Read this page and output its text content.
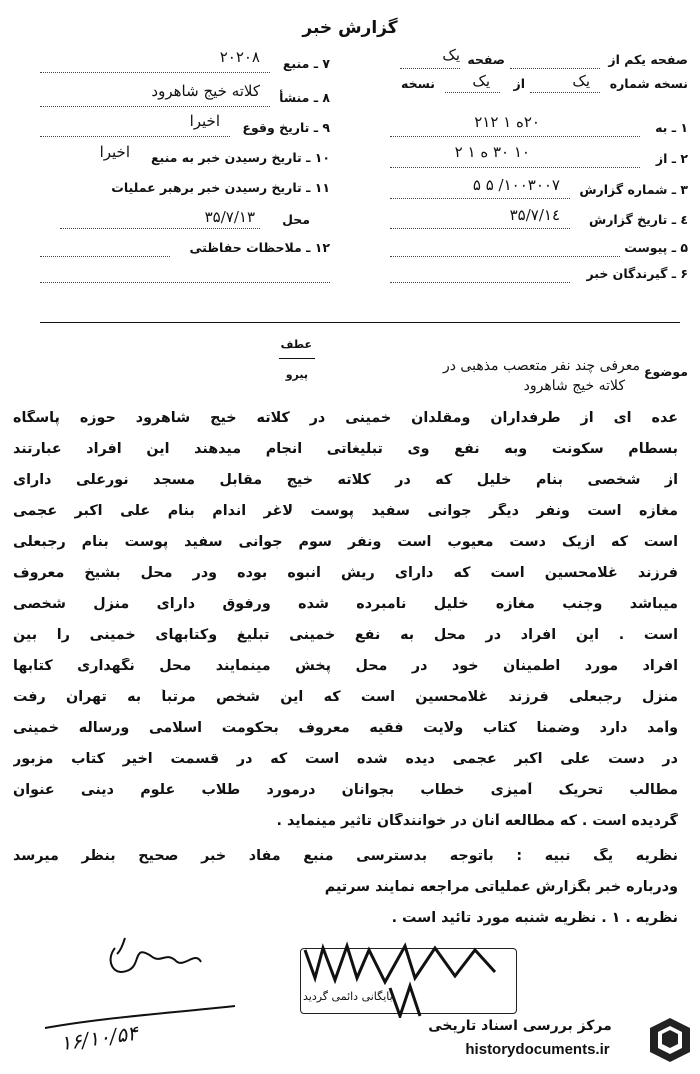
گزارش خبر
صفحه یکم از
صفحه
یک
نسخه شماره
یک
از
یک
نسخه
۱ ـ به
۲۰ه ۱ ۲۱۲
۲ ـ از
۱۰ ۳۰ ه ۱ ۲
۳ ـ شماره گزارش
۱۰۰۳۰۰۷/ ۵ ۵
٤ ـ تاریخ گزارش
۳۵/۷/۱٤
۵ ـ پیوست
۶ ـ گیرندگان خبر
۷ ـ منبع
۲۰۲۰۸
۸ ـ منشأ
کلاته خیج شاهرود
۹ ـ تاریخ وقوع
اخیرا
۱۰ ـ تاریخ رسیدن خبر به منبع
اخیرا
۱۱ ـ تاریخ رسیدن خبر برهبر عملیات
محل
۳۵/۷/۱۳
۱۲ ـ ملاحظات حفاظتی
موضوع
معرفی چند نفر متعصب مذهبی در
عطف
پیرو
کلاته خیج شاهرود
عده ای از طرفداران ومقلدان خمینی در کلاته خیج شاهرود حوزه پاسگاه
بسطام سکونت وبه نفع وی تبلیغاتی انجام میدهند این افراد عبارتند
از شخصی بنام خلیل که در کلاته خیج مقابل مسجد نورعلی دارای
مغازه است ونفر دیگر جوانی سفید پوست لاغر اندام بنام علی اکبر عجمی
است که ازیک دست معیوب است ونفر سوم جوانی سفید پوست بنام رجبعلی
فرزند غلامحسین است که دارای ریش انبوه بوده ودر محل بشیخ معروف
میباشد وجنب مغازه خلیل نامبرده شده ورفوق دارای منزل شخصی
است . این افراد در محل به نفع خمینی تبلیغ وکتابهای خمینی را بین
افراد مورد اطمینان خود در محل پخش مینمایند محل نگهداری کتابها
منزل رجبعلی فرزند غلامحسین است که این شخص مرتباً به تهران رفت
وآمد دارد وضمنا کتاب ولایت فقیه معروف بحکومت اسلامی ورساله خمینی
در دست علی اکبر عجمی دیده شده است که در قسمت اخیر کتاب مزبور
مطالب تحریک آمیزی خطاب بجوانان درمورد طلاب علوم دینی عنوان
گردیده است . که مطالعه آنان در خوانندگان تاثیر مینماید .
نظریه یگ نبیه : باتوجه بدسترسی منبع مفاد خبر صحیح بنظر میرسد
ودرباره خبر بگزارش عملیاتی مراجعه نمایند سرتیم
نظریه . ۱ . نظریه شنبه مورد تائید است .
۱۶/۱۰/۵۴
بایگانی دائمی گردید
مرکز بررسی اسناد تاریخی
historydocuments.ir
